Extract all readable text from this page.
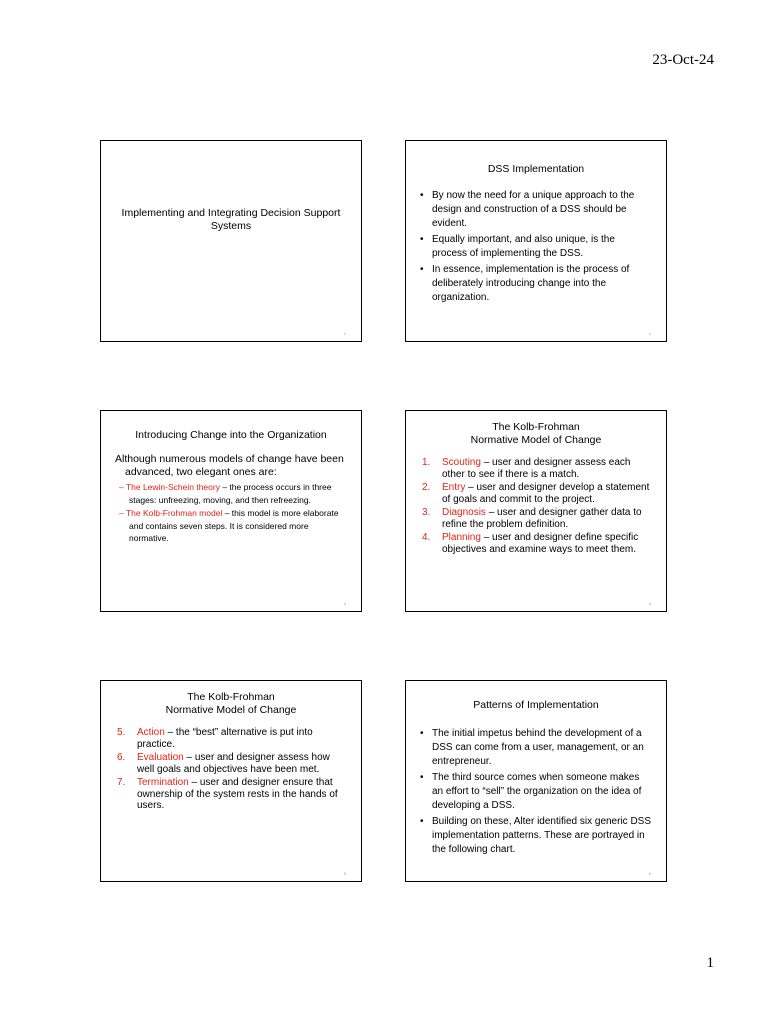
23-Oct-24
Implementing and Integrating Decision Support Systems
1
DSS Implementation
• By now the need for a unique approach to the design and construction of a DSS should be evident.
• Equally important, and also unique, is the process of implementing the DSS.
• In essence, implementation is the process of deliberately introducing change into the organization.
2
Introducing Change into the Organization
Although numerous models of change have been advanced, two elegant ones are:
– The Lewin-Schein theory – the process occurs in three stages: unfreezing, moving, and then refreezing.
– The Kolb-Frohman model – this model is more elaborate and contains seven steps. It is considered more normative.
3
The Kolb-Frohman
Normative Model of Change
1. Scouting – user and designer assess each other to see if there is a match.
2. Entry – user and designer develop a statement of goals and commit to the project.
3. Diagnosis – user and designer gather data to refine the problem definition.
4. Planning – user and designer define specific objectives and examine ways to meet them.
4
The Kolb-Frohman
Normative Model of Change
5. Action – the “best” alternative is put into practice.
6. Evaluation – user and designer assess how well goals and objectives have been met.
7. Termination – user and designer ensure that ownership of the system rests in the hands of users.
5
Patterns of Implementation
• The initial impetus behind the development of a DSS can come from a user, management, or an entrepreneur.
• The third source comes when someone makes an effort to “sell” the organization on the idea of developing a DSS.
• Building on these, Alter identified six generic DSS implementation patterns. These are portrayed in the following chart.
6
1
